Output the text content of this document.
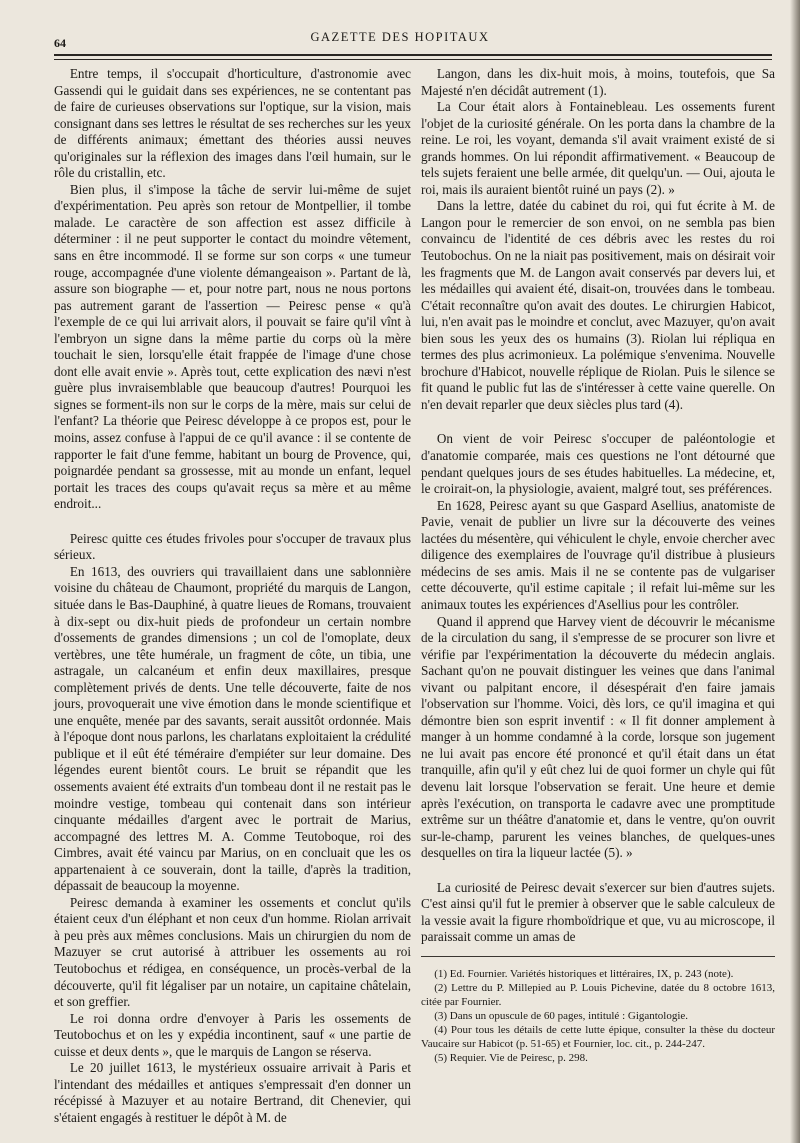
64	GAZETTE DES HOPITAUX

Entre temps, il s'occupait d'horticulture, d'astronomie avec Gassendi qui le guidait dans ses expériences, ne se contentant pas de faire de curieuses observations sur l'optique, sur la vision, mais consignant dans ses lettres le résultat de ses recherches sur les yeux de différents animaux; émettant des théories aussi neuves qu'originales sur la réflexion des images dans l'œil humain, sur le rôle du cristallin, etc.

Bien plus, il s'impose la tâche de servir lui-même de sujet d'expérimentation. Peu après son retour de Montpellier, il tombe malade. Le caractère de son affection est assez difficile à déterminer : il ne peut supporter le contact du moindre vêtement, sans en être incommodé. Il se forme sur son corps « une tumeur rouge, accompagnée d'une violente démangeaison ». Partant de là, assure son biographe — et, pour notre part, nous ne nous portons pas autrement garant de l'assertion — Peiresc pense « qu'à l'exemple de ce qui lui arrivait alors, il pouvait se faire qu'il vînt à l'embryon un signe dans la même partie du corps où la mère touchait le sien, lorsqu'elle était frappée de l'image d'une chose dont elle avait envie ». Après tout, cette explication des nævi n'est guère plus invraisemblable que beaucoup d'autres! Pourquoi les signes se forment-ils non sur le corps de la mère, mais sur celui de l'enfant? La théorie que Peiresc développe à ce propos est, pour le moins, assez confuse à l'appui de ce qu'il avance : il se contente de rapporter le fait d'une femme, habitant un bourg de Provence, qui, poignardée pendant sa grossesse, mit au monde un enfant, lequel portait les traces des coups qu'avait reçus sa mère et au même endroit...

Peiresc quitte ces études frivoles pour s'occuper de travaux plus sérieux.

En 1613, des ouvriers qui travaillaient dans une sablonnière voisine du château de Chaumont, propriété du marquis de Langon, située dans le Bas-Dauphiné, à quatre lieues de Romans, trouvaient à dix-sept ou dix-huit pieds de profondeur un certain nombre d'ossements de grandes dimensions ; un col de l'omoplate, deux vertèbres, une tête humérale, un fragment de côte, un tibia, une astragale, un calcanéum et enfin deux maxillaires, presque complètement privés de dents. Une telle découverte, faite de nos jours, provoquerait une vive émotion dans le monde scientifique et une enquête, menée par des savants, serait aussitôt ordonnée. Mais à l'époque dont nous parlons, les charlatans exploitaient la crédulité publique et il eût été téméraire d'empiéter sur leur domaine. Des légendes eurent bientôt cours. Le bruit se répandit que les ossements avaient été extraits d'un tombeau dont il ne restait pas le moindre vestige, tombeau qui contenait dans son intérieur cinquante médailles d'argent avec le portrait de Marius, accompagné des lettres M. A. Comme Teutoboque, roi des Cimbres, avait été vaincu par Marius, on en concluait que les os appartenaient à ce souverain, dont la taille, d'après la tradition, dépassait de beaucoup la moyenne.

Peiresc demanda à examiner les ossements et conclut qu'ils étaient ceux d'un éléphant et non ceux d'un homme. Riolan arrivait à peu près aux mêmes conclusions. Mais un chirurgien du nom de Mazuyer se crut autorisé à attribuer les ossements au roi Teutobochus et rédigea, en conséquence, un procès-verbal de la découverte, qu'il fit légaliser par un notaire, un capitaine châtelain, et son greffier.

Le roi donna ordre d'envoyer à Paris les ossements de Teutobochus et on les y expédia incontinent, sauf « une partie de cuisse et deux dents », que le marquis de Langon se réserva.

Le 20 juillet 1613, le mystérieux ossuaire arrivait à Paris et l'intendant des médailles et antiques s'empressait d'en donner un récépissé à Mazuyer et au notaire Bertrand, dit Chenevier, qui s'étaient engagés à restituer le dépôt à M. de

Langon, dans les dix-huit mois, à moins, toutefois, que Sa Majesté n'en décidât autrement (1).

La Cour était alors à Fontainebleau. Les ossements furent l'objet de la curiosité générale. On les porta dans la chambre de la reine. Le roi, les voyant, demanda s'il avait vraiment existé de si grands hommes. On lui répondit affirmativement. « Beaucoup de tels sujets feraient une belle armée, dit quelqu'un. — Oui, ajouta le roi, mais ils auraient bientôt ruiné un pays (2). »

Dans la lettre, datée du cabinet du roi, qui fut écrite à M. de Langon pour le remercier de son envoi, on ne sembla pas bien convaincu de l'identité de ces débris avec les restes du roi Teutobochus. On ne la niait pas positivement, mais on désirait voir les fragments que M. de Langon avait conservés par devers lui, et les médailles qui avaient été, disait-on, trouvées dans le tombeau. C'était reconnaître qu'on avait des doutes. Le chirurgien Habicot, lui, n'en avait pas le moindre et conclut, avec Mazuyer, qu'on avait bien sous les yeux des os humains (3). Riolan lui répliqua en termes des plus acrimonieux. La polémique s'envenima. Nouvelle brochure d'Habicot, nouvelle réplique de Riolan. Puis le silence se fit quand le public fut las de s'intéresser à cette vaine querelle. On n'en devait reparler que deux siècles plus tard (4).

On vient de voir Peiresc s'occuper de paléontologie et d'anatomie comparée, mais ces questions ne l'ont détourné que pendant quelques jours de ses études habituelles. La médecine, et, le croirait-on, la physiologie, avaient, malgré tout, ses préférences.

En 1628, Peiresc ayant su que Gaspard Asellius, anatomiste de Pavie, venait de publier un livre sur la découverte des veines lactées du mésentère, qui véhiculent le chyle, envoie chercher avec diligence des exemplaires de l'ouvrage qu'il distribue à plusieurs médecins de ses amis. Mais il ne se contente pas de vulgariser cette découverte, qu'il estime capitale ; il refait lui-même sur les animaux toutes les expériences d'Asellius pour les contrôler.

Quand il apprend que Harvey vient de découvrir le mécanisme de la circulation du sang, il s'empresse de se procurer son livre et vérifie par l'expérimentation la découverte du médecin anglais. Sachant qu'on ne pouvait distinguer les veines que dans l'animal vivant ou palpitant encore, il désespérait d'en faire jamais l'observation sur l'homme. Voici, dès lors, ce qu'il imagina et qui démontre bien son esprit inventif : « Il fit donner amplement à manger à un homme condamné à la corde, lorsque son jugement ne lui avait pas encore été prononcé et qu'il était dans un état tranquille, afin qu'il y eût chez lui de quoi former un chyle qui fût devenu lait lorsque l'observation se ferait. Une heure et demie après l'exécution, on transporta le cadavre avec une promptitude extrême sur un théâtre d'anatomie et, dans le ventre, qu'on ouvrit sur-le-champ, parurent les veines blanches, de quelques-unes desquelles on tira la liqueur lactée (5). »

La curiosité de Peiresc devait s'exercer sur bien d'autres sujets. C'est ainsi qu'il fut le premier à observer que le sable calculeux de la vessie avait la figure rhomboïdrique et que, vu au microscope, il paraissait comme un amas de

(1) Ed. Fournier. Variétés historiques et littéraires, IX, p. 243 (note).

(2) Lettre du P. Millepied au P. Louis Pichevine, datée du 8 octobre 1613, citée par Fournier.

(3) Dans un opuscule de 60 pages, intitulé : Gigantologie.

(4) Pour tous les détails de cette lutte épique, consulter la thèse du docteur Vaucaire sur Habicot (p. 51-65) et Fournier, loc. cit., p. 244-247.

(5) Requier. Vie de Peiresc, p. 298.
